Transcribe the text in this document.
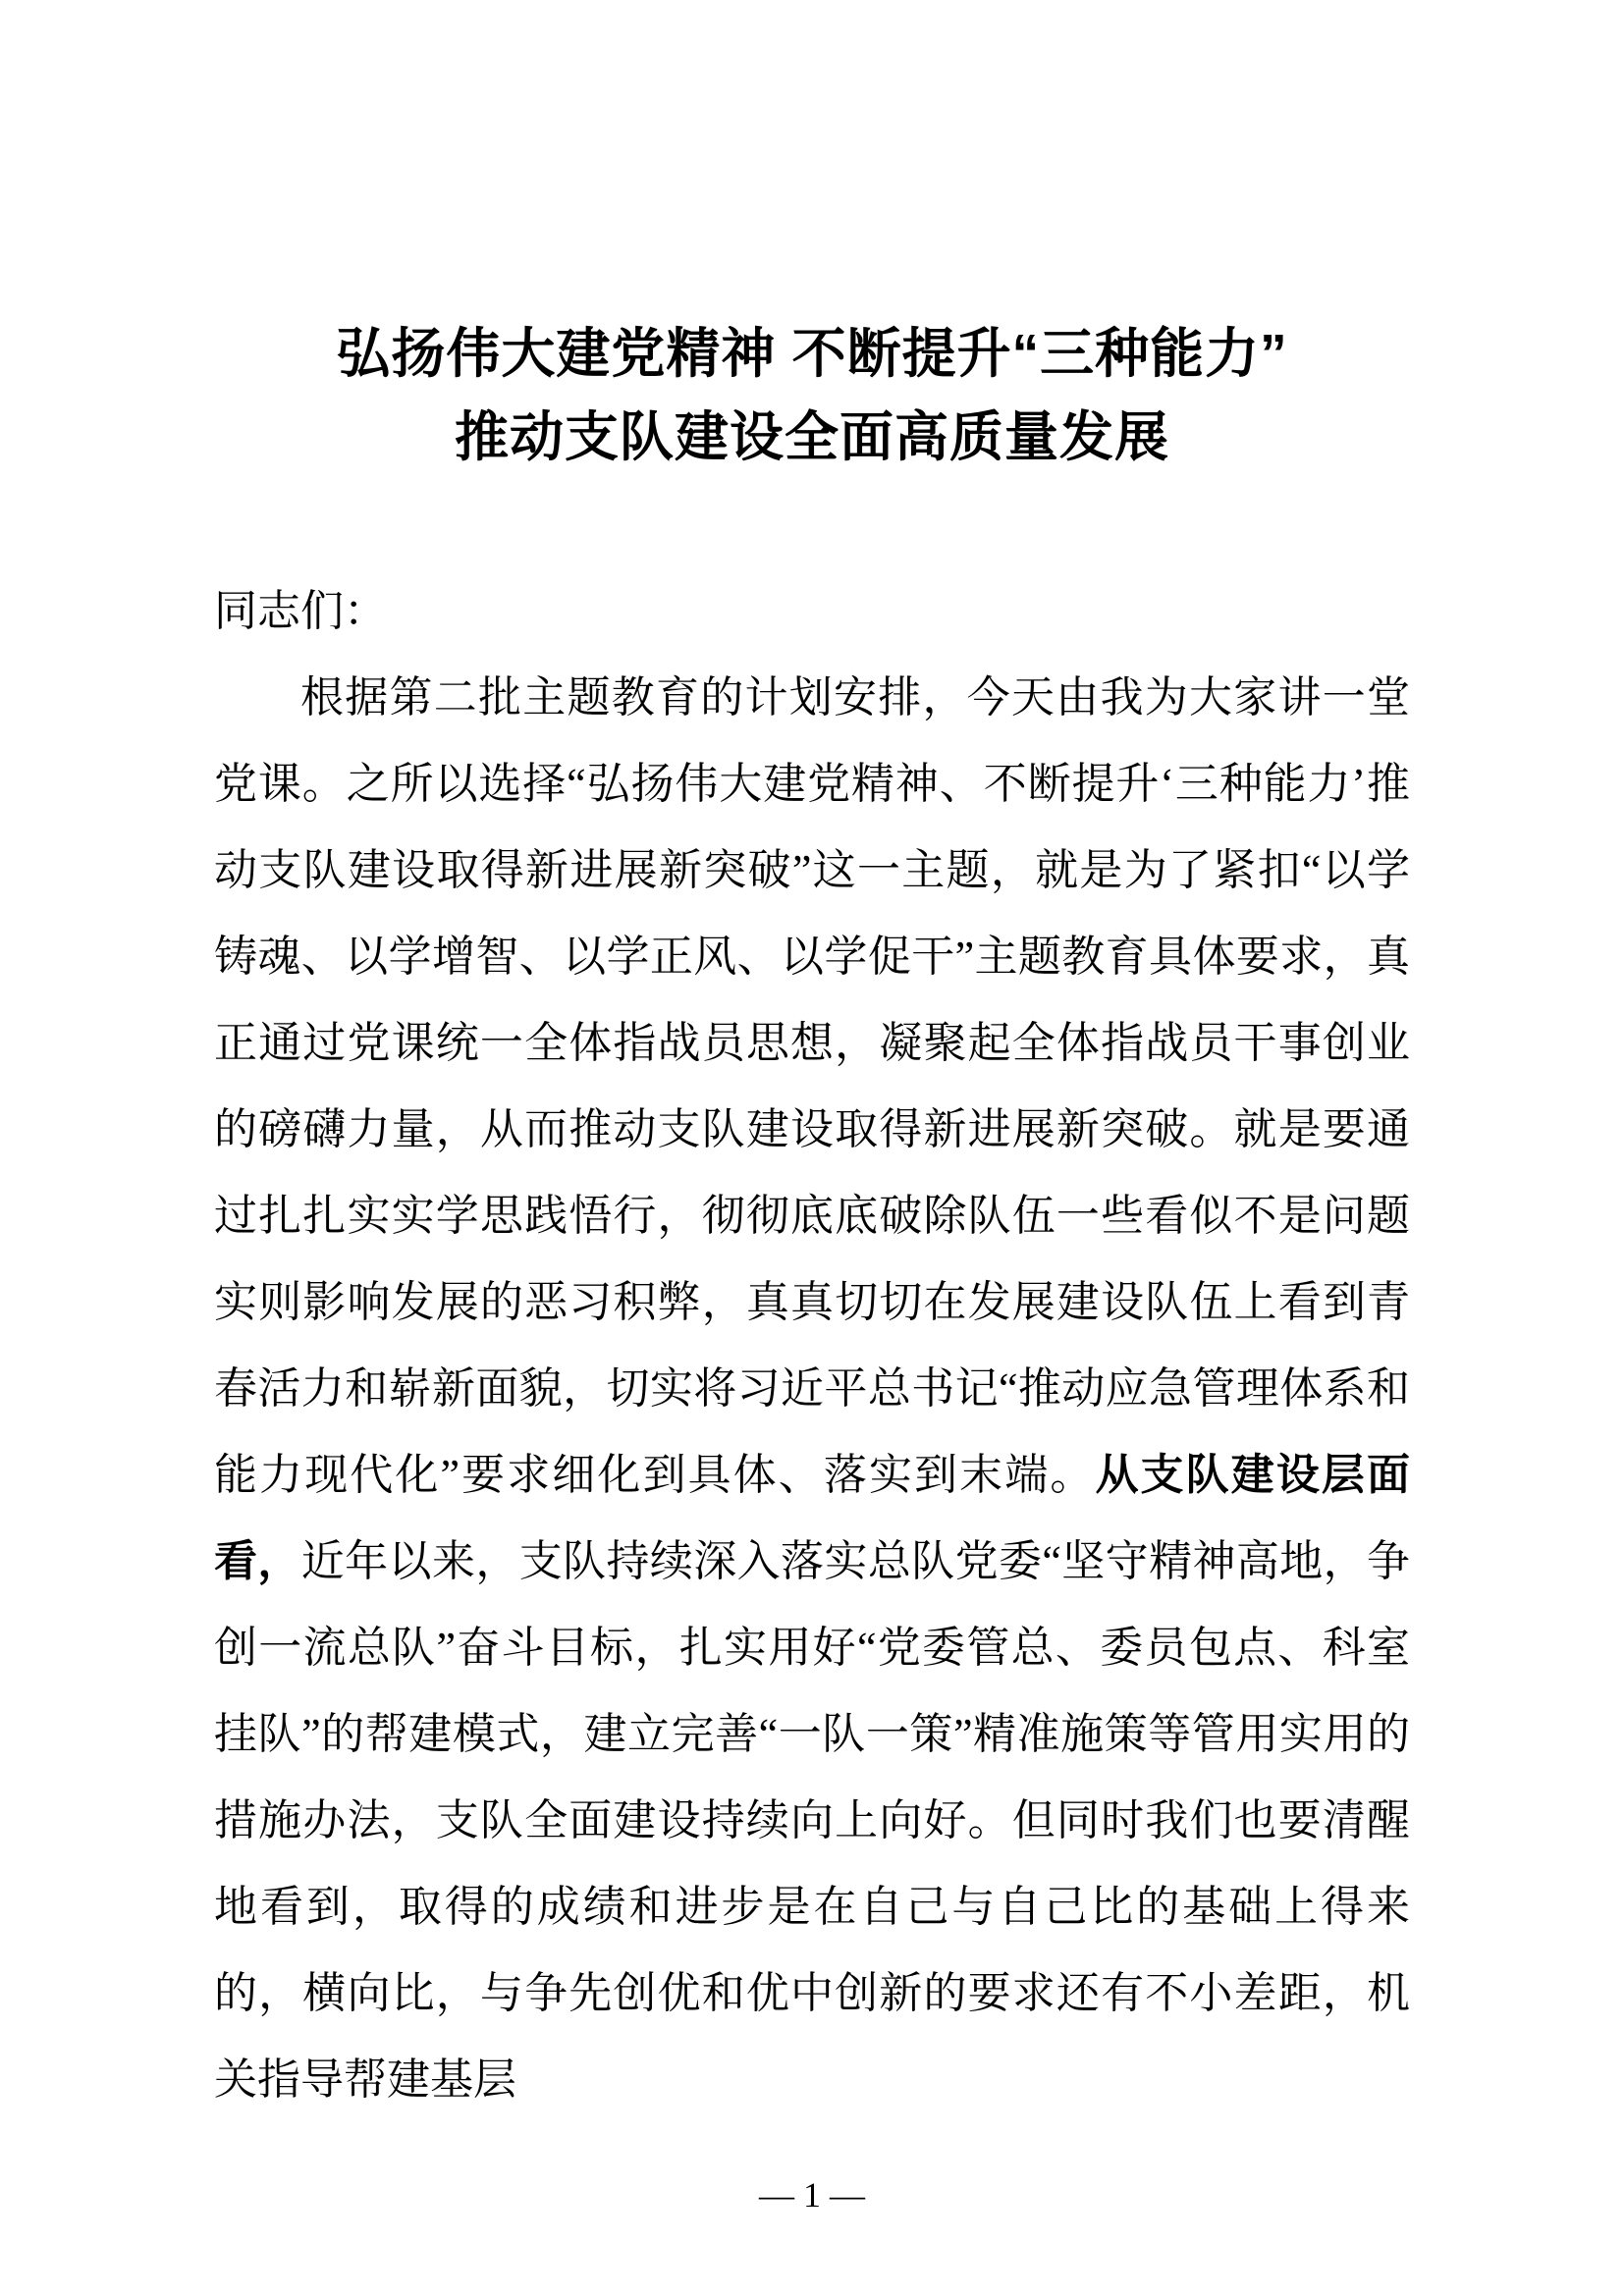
弘扬伟大建党精神 不断提升“三种能力”
推动支队建设全面高质量发展

同志们：

根据第二批主题教育的计划安排，今天由我为大家讲一堂党课。之所以选择“弘扬伟大建党精神、不断提升‘三种能力’推动支队建设取得新进展新突破”这一主题，就是为了紧扣“以学铸魂、以学增智、以学正风、以学促干”主题教育具体要求，真正通过党课统一全体指战员思想，凝聚起全体指战员干事创业的磅礴力量，从而推动支队建设取得新进展新突破。就是要通过扎扎实实学思践悟行，彻彻底底破除队伍一些看似不是问题实则影响发展的恶习积弊，真真切切在发展建设队伍上看到青春活力和崭新面貌，切实将习近平总书记“推动应急管理体系和能力现代化”要求细化到具体、落实到末端。从支队建设层面看，近年以来，支队持续深入落实总队党委“坚守精神高地，争创一流总队”奋斗目标，扎实用好“党委管总、委员包点、科室挂队”的帮建模式，建立完善“一队一策”精准施策等管用实用的措施办法，支队全面建设持续向上向好。但同时我们也要清醒地看到，取得的成绩和进步是在自己与自己比的基础上得来的，横向比，与争先创优和优中创新的要求还有不小差距，机关指导帮建基层

— 1 —
